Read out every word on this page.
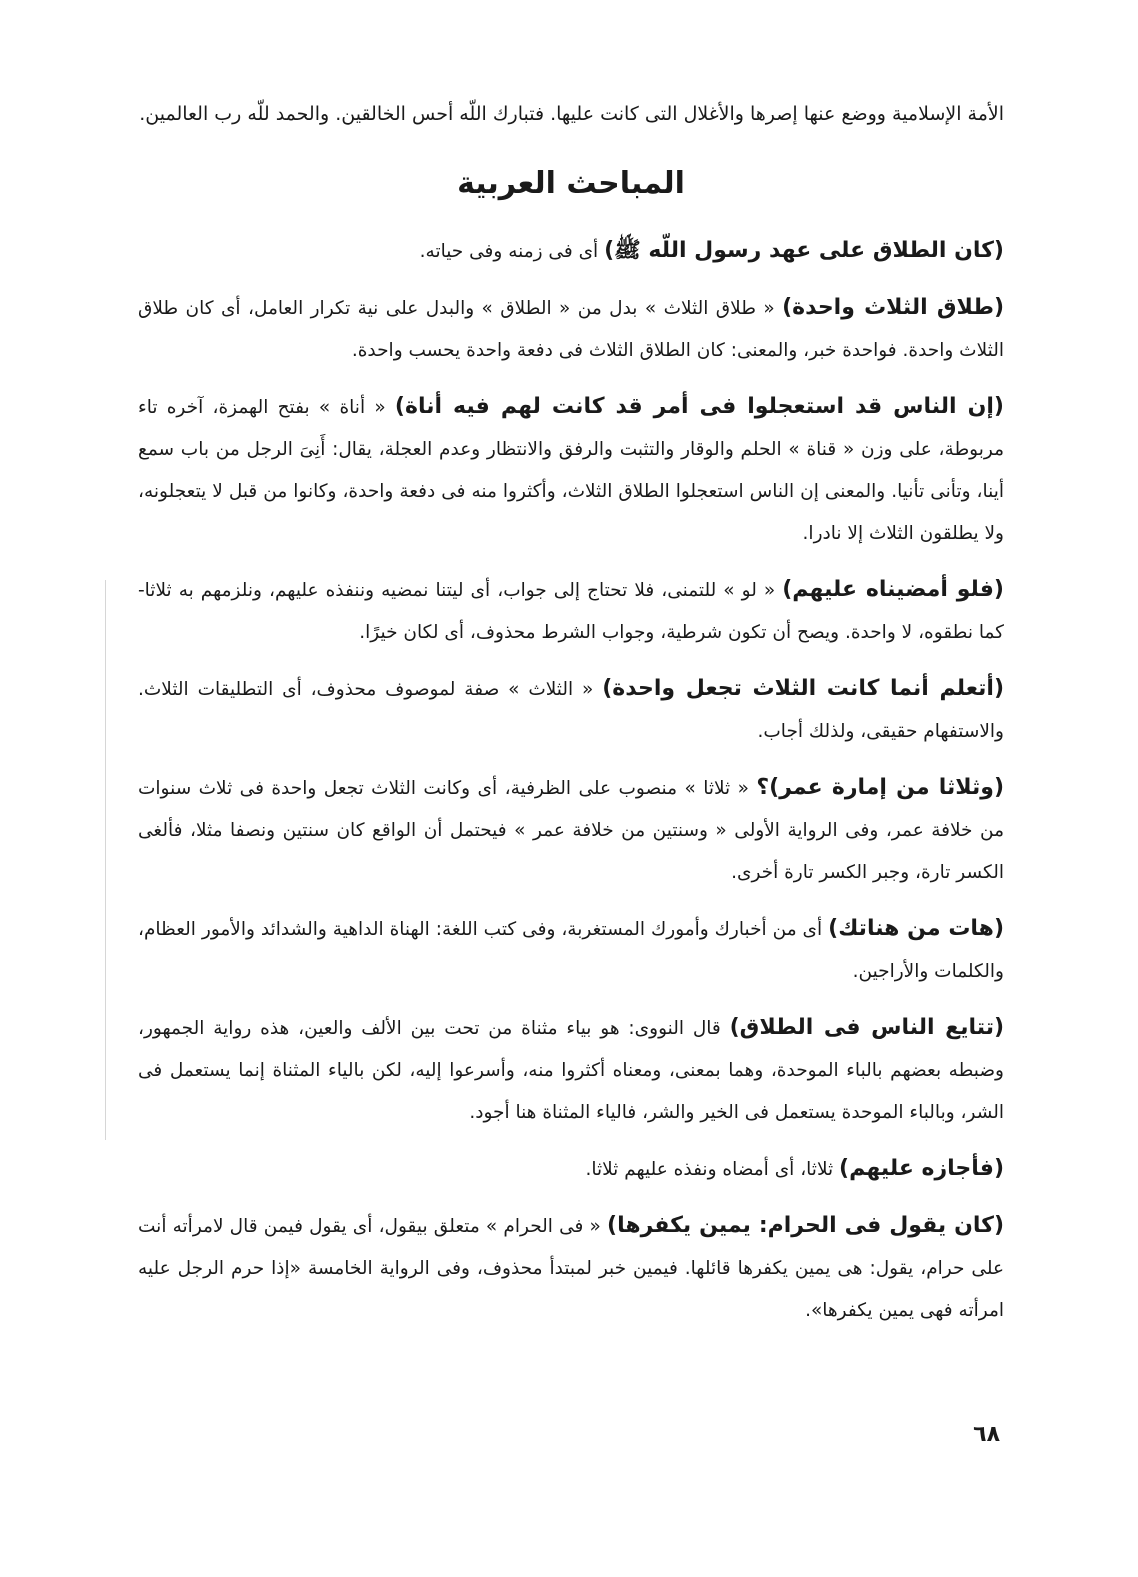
الأمة الإسلامية ووضع عنها إصرها والأغلال التى كانت عليها. فتبارك اللّه أحس الخالقين. والحمد للّه رب العالمين.

المباحث العربية

(كان الطلاق على عهد رسول اللّه ﷺ) أى فى زمنه وفى حياته.

(طلاق الثلاث واحدة) « طلاق الثلاث » بدل من « الطلاق » والبدل على نية تكرار العامل، أى كان طلاق الثلاث واحدة. فواحدة خبر، والمعنى: كان الطلاق الثلاث فى دفعة واحدة يحسب واحدة.

(إن الناس قد استعجلوا فى أمر قد كانت لهم فيه أناة) « أناة » بفتح الهمزة، آخره تاء مربوطة، على وزن « قناة » الحلم والوقار والتثبت والرفق والانتظار وعدم العجلة، يقال: أَنِىَ الرجل من باب سمع أينا، وتأنى تأنيا. والمعنى إن الناس استعجلوا الطلاق الثلاث، وأكثروا منه فى دفعة واحدة، وكانوا من قبل لا يتعجلونه، ولا يطلقون الثلاث إلا نادرا.

(فلو أمضيناه عليهم) « لو » للتمنى، فلا تحتاج إلى جواب، أى ليتنا نمضيه وننفذه عليهم، ونلزمهم به ثلاثا- كما نطقوه، لا واحدة. ويصح أن تكون شرطية، وجواب الشرط محذوف، أى لكان خيرًا.

(أتعلم أنما كانت الثلاث تجعل واحدة) « الثلاث » صفة لموصوف محذوف، أى التطليقات الثلاث. والاستفهام حقيقى، ولذلك أجاب.

(وثلاثا من إمارة عمر)؟ « ثلاثا » منصوب على الظرفية، أى وكانت الثلاث تجعل واحدة فى ثلاث سنوات من خلافة عمر، وفى الرواية الأولى « وسنتين من خلافة عمر » فيحتمل أن الواقع كان سنتين ونصفا مثلا، فألغى الكسر تارة، وجبر الكسر تارة أخرى.

(هات من هناتك) أى من أخبارك وأمورك المستغربة، وفى كتب اللغة: الهناة الداهية والشدائد والأمور العظام، والكلمات والأراجين.

(تتايع الناس فى الطلاق) قال النووى: هو بياء مثناة من تحت بين الألف والعين، هذه رواية الجمهور، وضبطه بعضهم بالباء الموحدة، وهما بمعنى، ومعناه أكثروا منه، وأسرعوا إليه، لكن بالياء المثناة إنما يستعمل فى الشر، وبالباء الموحدة يستعمل فى الخير والشر، فالياء المثناة هنا أجود.

(فأجازه عليهم) ثلاثا، أى أمضاه ونفذه عليهم ثلاثا.

(كان يقول فى الحرام: يمين يكفرها) « فى الحرام » متعلق بيقول، أى يقول فيمن قال لامرأته أنت على حرام، يقول: هى يمين يكفرها قائلها. فيمين خبر لمبتدأ محذوف، وفى الرواية الخامسة «إذا حرم الرجل عليه امرأته فهى يمين يكفرها».

٦٨
